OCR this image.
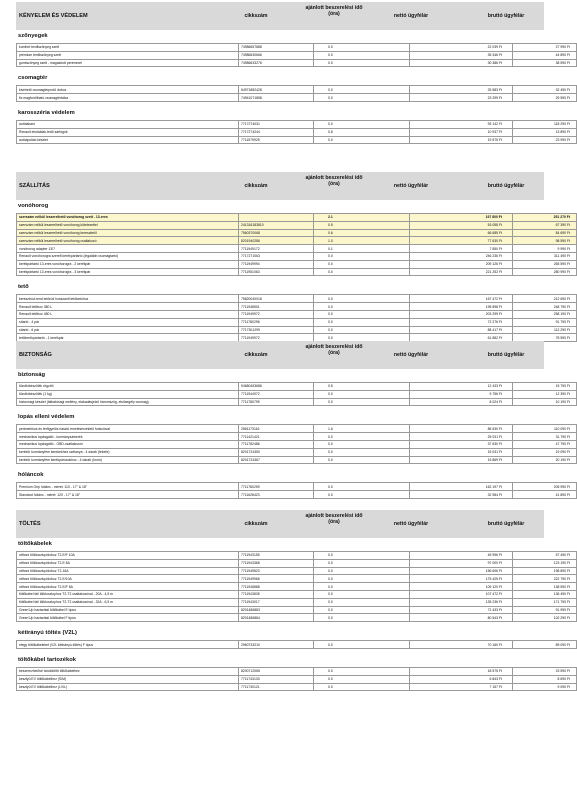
KÉNYELEM ÉS VÉDELEM	cikkszám
ajánlott beszerelési idő (óra)	nettó ügyfélár	bruttó ügyfélár
szőnyegek
komfort textilszőnyeg szett	74986657888	0.0	22 039 Ft	27 990 Ft
prémium textilszőnyeg szett	74986630666	0.0	35 346 Ft	44 890 Ft
gumiszőnyeg szett - magasított peremmel	74986633276	0.0	30 386 Ft	38 590 Ft
csomagtér
kivehető csomagtérprotő doboz	64971882428	0.0	25 583 Ft	32 490 Ft
fix magfordítható csomagtértálca	74941071858	0.0	23 299 Ft	29 590 Ft
karosszéria védelem
autótakaró	7717274031	0.0	93 142 Ft	118 290 Ft
Renault elsőablak-fedő sárfogók	7717274244	0.8	10 937 Ft	13 890 Ft
autóápolási készlet	7711579925	0.0	19 575 Ft	23 990 Ft
SZÁLLÍTÁS	cikkszám
ajánlott beszerelési idő (óra)	nettó ügyfélár	bruttó ügyfélár
vonóhorog
szerszám nélkül leszerelhető vonóhorog szett - 13-eres		2.1	197 800 Ft	251 270 Ft
szerszám nélkül leszerelhető vonóhorog kötelezettel	241316183810	0.5	53 058 Ft	67 390 Ft
szerszám nélkül leszerelhető vonóhorog kereszttelő	7560370068	0.6	66 685 Ft	84 690 Ft
szerszám nélkül leszerelhető vonóhorog csatlakozó	8201940286	1.0	77 630 Ft	98 590 Ft
vonóhorog adapter 13/7	7711949172	0.1	7 850 Ft	9 990 Ft
Renault vonóhorogra szerelt kerékpártartó (legalább csomagtartó)	7717271063	0.0	246 236 Ft	311 490 Ft
kerékpártartó 13-eres vonóhorogra - 2 kerékpár	7711949994	0.0	209 126 Ft	265 590 Ft
kerékpártartó 13-eres vonóhorogra - 3 kerékpár	7711951063	0.0	221 252 Ft	280 990 Ft
tető
keresztrúd-rend tetőrúd hosszanti tetőtartóhoz	75820040018	0.0	167 472 Ft	212 690 Ft
Renault tetőbox 380 L	7711948501	0.0	195 898 Ft	248 790 Ft
Renault tetőbox 480 L	7711949972	0.0	203 299 Ft	258 190 Ft
sítartó - 4 pár	7711780296	0.0	72 276 Ft	91 790 Ft
sítartó - 6 pár	7717301299	0.0	88 417 Ft	112 290 Ft
tetőkerékpártartó - 1 kerékpár	7711949972	0.0	61 882 Ft	78 590 Ft
BIZTONSÁG	cikkszám
ajánlott beszerelési idő (óra)	nettó ügyfélár	bruttó ügyfélár
biztonság
tűzoltókészülék rögzítő	94680453686	0.5	12 433 Ft	15 790 Ft
tűzoltókészülék (1 kg)	7711944972	0.0	9 756 Ft	12 390 Ft
biztonsági készlet (láthatósági mellény, elakadásjelző háromszög, elsősegély csomag)	7711780799	0.0	8 024 Ft	10 190 Ft
lopás elleni védelem
perimetrikus és térfigyelős riasztó emelésérzékelő funkcióval	2561173116	1.6	86 530 Ft	110 090 Ft
mechanikus lopásgátló - kormányzárkerék	7711421421	0.0	25 031 Ft	31 790 Ft
mechanikus lopásgátló - OBD-csatlakozón	7711782486	0.0	37 630 Ft	47 790 Ft
kerékőr kormányfém kerekekhez szélanya - 4 darab (fekete)	8201724350	0.0	15 031 Ft	19 090 Ft
kerékőr kormányfém kerékpárosokhoz - 4 darab (króm)	8201724367	0.0	15 869 Ft	20 190 Ft
hóláncok
Premium Grip hólánc - méret: 110 - 17" & 18"	7711780259	0.0	162 197 Ft	205 990 Ft
Standard hólánc - méret: 120 - 17" & 18"	7711628423	0.0	32 984 Ft	41 890 Ft
TÖLTÉS	cikkszám
ajánlott beszerelési idő (óra)	nettó ügyfélár	bruttó ügyfélár
töltőkábelek
otthoni töltőoszlop/doboz T2-E/F 10A	7711943155	0.0	45 996 Ft	57 490 Ft
otthoni töltőoszlop/doboz T2-E 8A	7711943368	0.0	97 000 Ft	123 190 Ft
otthoni töltőoszlop/doboz T2-16A	7711949823	0.0	156 606 Ft	198 890 Ft
otthoni töltőoszlop/doboz T2-E/10A	7711949966	0.0	175 425 Ft	222 790 Ft
otthoni töltőoszlop/doboz T2-E/F 8A	7711948888	0.0	109 120 Ft	138 590 Ft
töltőkábel fali töltőoszlophoz T2-T2 csatlakozóval - 20A - 4,5 m	7711943835	0.0	107 472 Ft	136 490 Ft
töltőkábel fali töltőoszlophoz T2-T2 csatlakozóval - 32A - 6,5 m	7711943017	0.0	135 236 Ft	171 790 Ft
Green'Up háztartási töltőkábel E típus	8201486883	0.0	72 433 Ft	91 990 Ft
Green'Up háztartási töltőkábel F típus	8201486884	0.0	80 543 Ft	102 290 Ft
kétirányú töltés (V2L)
elegy töltőkábeleket (V2L kétirányú töltés) F típus	2960733210	0.0	70 160 Ft	89 090 Ft
töltőkábel tartozékok
beszerezhetővé tárolótöltő töltőkábelhez	8200712065	0.0	18 575 Ft	23 590 Ft
kesztyű EV töltőkábelhez (S/M)	7711743133	0.0	6 843 Ft	8 690 Ft
kesztyű EV töltőkábelhez (L/XL)	7711730121	0.0	7 157 Ft	9 090 Ft
